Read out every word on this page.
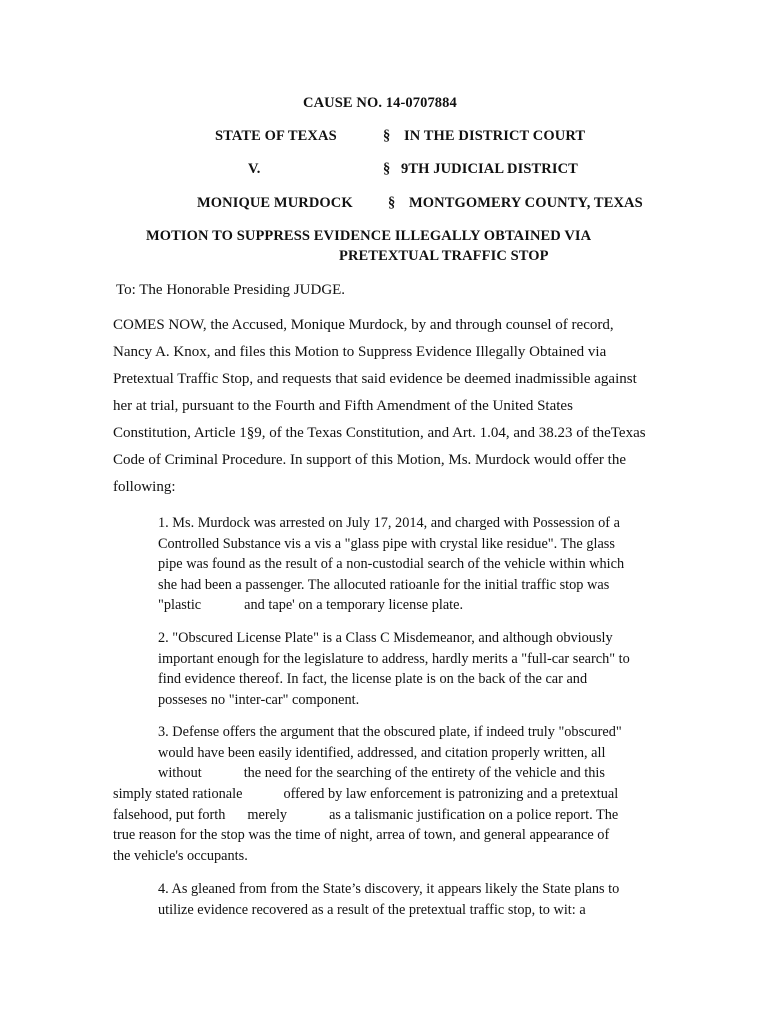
CAUSE NO. 14-0707884
STATE OF TEXAS	§ IN THE DISTRICT COURT
V.	§ 9TH JUDICIAL DISTRICT
MONIQUE MURDOCK § MONTGOMERY COUNTY, TEXAS
MOTION TO SUPPRESS EVIDENCE ILLEGALLY OBTAINED VIA
PRETEXTUAL TRAFFIC STOP
To: The Honorable Presiding JUDGE.
COMES NOW, the Accused, Monique Murdock, by and through counsel of record,
Nancy A. Knox, and files this Motion to Suppress Evidence Illegally Obtained via
Pretextual Traffic Stop, and requests that said evidence be deemed inadmissible against
her at trial, pursuant to the Fourth and Fifth Amendment of the United States
Constitution, Article 1§9, of the Texas Constitution, and Art. 1.04, and 38.23 of theTexas
Code of Criminal Procedure. In support of this Motion, Ms. Murdock would offer the
following:
1. Ms. Murdock was arrested on July 17, 2014, and charged with Possession of a
Controlled Substance vis a vis a "glass pipe with crystal like residue". The glass
pipe was found as the result of a non-custodial search of the vehicle within which
she had been a passenger. The allocuted ratioanle for the initial traffic stop was
"plastic	and tape' on a temporary license plate.
2. "Obscured License Plate" is a Class C Misdemeanor, and although obviously
important enough for the legislature to address, hardly merits a "full-car search" to
find evidence thereof. In fact, the license plate is on the back of the car and
posseses no "inter-car" component.
3. Defense offers the argument that the obscured plate, if indeed truly "obscured"
would have been easily identified, addressed, and citation properly written, all
without	the need for the searching of the entirety of the vehicle and this
simply stated rationale	offered by law enforcement is patronizing and a pretextual
falsehood, put forth merely	as a talismanic justification on a police report. The
true reason for the stop was the time of night, arrea of town, and general appearance of
the vehicle's occupants.
4. As gleaned from from the State’s discovery, it appears likely the State plans to
utilize evidence recovered as a result of the pretextual traffic stop, to wit: a
